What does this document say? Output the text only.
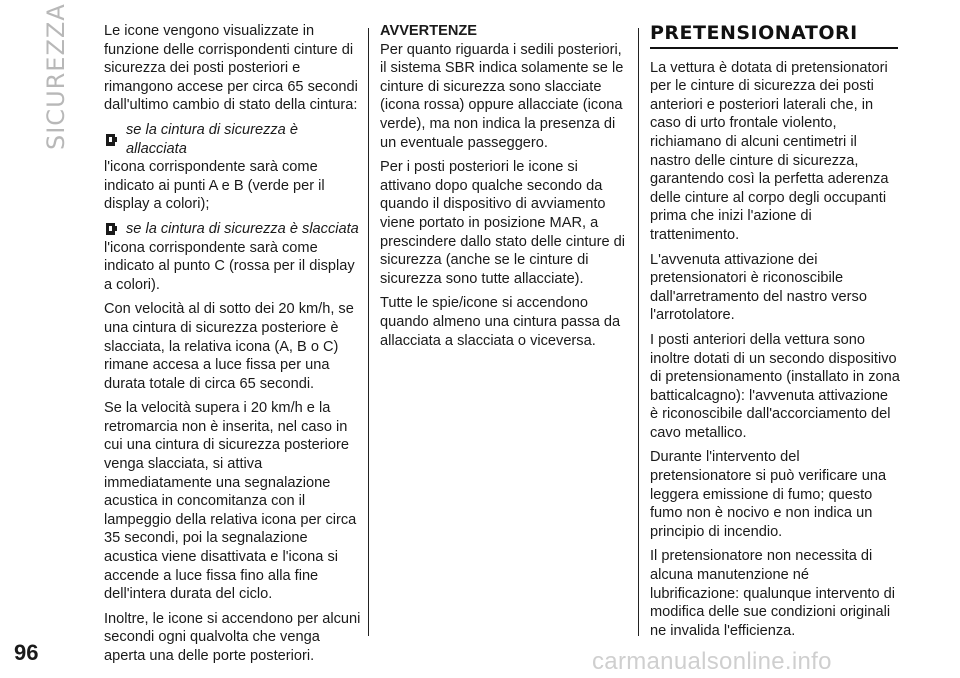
SICUREZZA Le icone vengono visualizzate in funzione delle corrispondenti cinture di sicurezza dei posti posteriori e rimangono accese per circa 65 secondi dall'ultimo cambio di stato della cintura:

se la cintura di sicurezza è allacciata

l'icona corrispondente sarà come indicato ai punti A e B (verde per il display a colori);

se la cintura di sicurezza è slacciata

l'icona corrispondente sarà come indicato al punto C (rossa per il display a colori).

Con velocità al di sotto dei 20 km/h, se una cintura di sicurezza posteriore è slacciata, la relativa icona (A, B o C) rimane accesa a luce fissa per una durata totale di circa 65 secondi.

Se la velocità supera i 20 km/h e la retromarcia non è inserita, nel caso in cui una cintura di sicurezza posteriore venga slacciata, si attiva immediatamente una segnalazione acustica in concomitanza con il lampeggio della relativa icona per circa 35 secondi, poi la segnalazione acustica viene disattivata e l'icona si accende a luce fissa fino alla fine dell'intera durata del ciclo.

Inoltre, le icone si accendono per alcuni secondi ogni qualvolta che venga aperta una delle porte posteriori.

AVVERTENZE

Per quanto riguarda i sedili posteriori, il sistema SBR indica solamente se le cinture di sicurezza sono slacciate (icona rossa) oppure allacciate (icona verde), ma non indica la presenza di un eventuale passeggero.

Per i posti posteriori le icone si attivano dopo qualche secondo da quando il dispositivo di avviamento viene portato in posizione MAR, a prescindere dallo stato delle cinture di sicurezza (anche se le cinture di sicurezza sono tutte allacciate).

Tutte le spie/icone si accendono quando almeno una cintura passa da allacciata a slacciata o viceversa.

PRETENSIONATORI

La vettura è dotata di pretensionatori per le cinture di sicurezza dei posti anteriori e posteriori laterali che, in caso di urto frontale violento, richiamano di alcuni centimetri il nastro delle cinture di sicurezza, garantendo così la perfetta aderenza delle cinture al corpo degli occupanti prima che inizi l'azione di trattenimento.

L'avvenuta attivazione dei pretensionatori è riconoscibile dall'arretramento del nastro verso l'arrotolatore.

I posti anteriori della vettura sono inoltre dotati di un secondo dispositivo di pretensionamento (installato in zona batticalcagno): l'avvenuta attivazione è riconoscibile dall'accorciamento del cavo metallico.

Durante l'intervento del pretensionatore si può verificare una leggera emissione di fumo; questo fumo non è nocivo e non indica un principio di incendio.

Il pretensionatore non necessita di alcuna manutenzione né lubrificazione: qualunque intervento di modifica delle sue condizioni originali ne invalida l'efficienza.

96	carmanualsonline.info
